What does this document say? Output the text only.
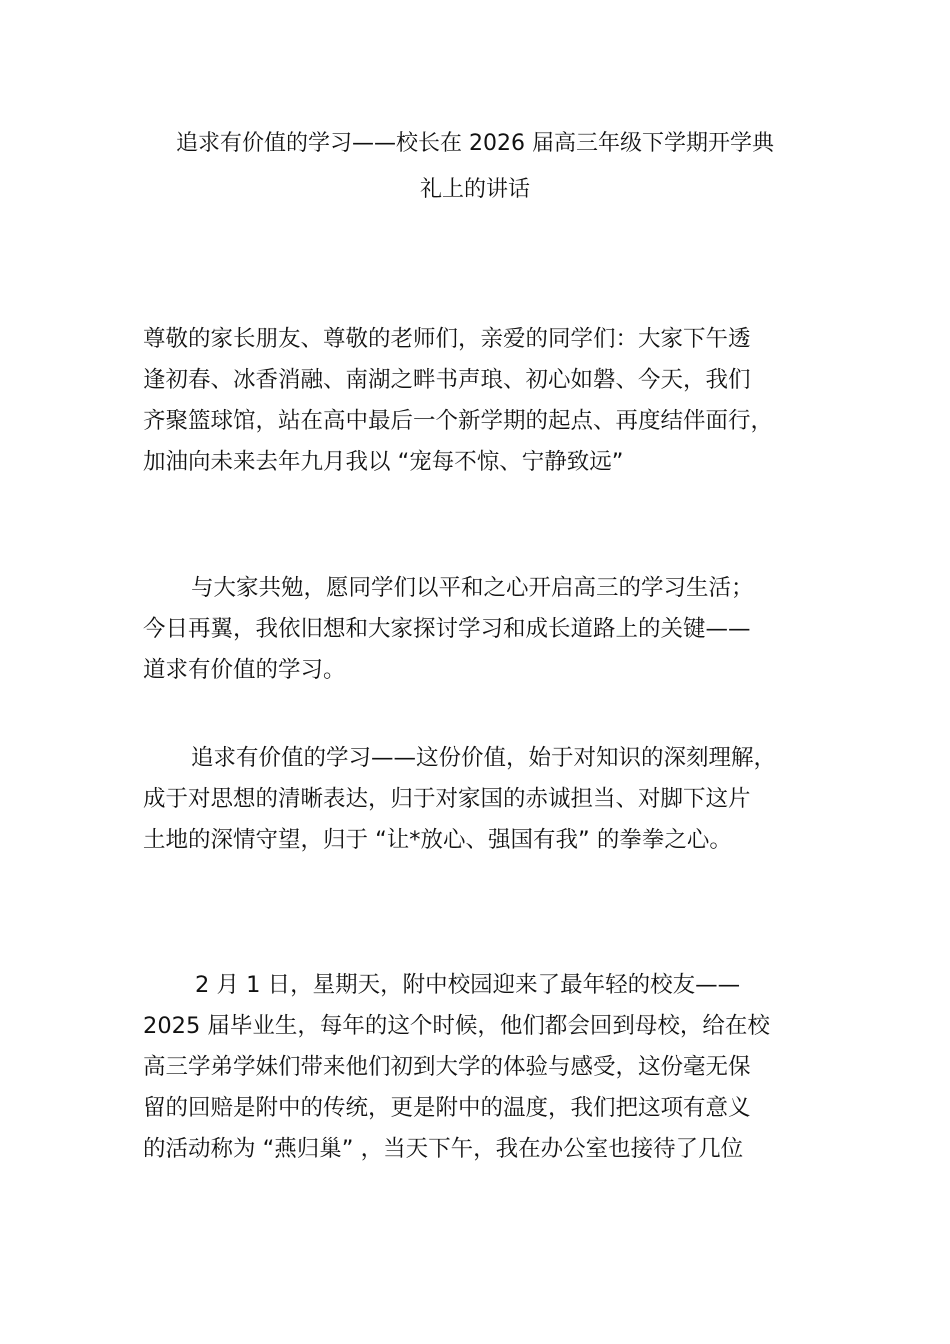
追求有价值的学习——校长在 2026 届高三年级下学期开学典
礼上的讲话
尊敬的家长朋友、尊敬的老师们，亲爱的同学们：大家下午透
逢初春、冰香消融、南湖之畔书声琅、初心如磐、今天，我们
齐聚篮球馆，站在高中最后一个新学期的起点、再度结伴面行，
加油向未来去年九月我以 “宠每不惊、宁静致远”
与大家共勉，愿同学们以平和之心开启高三的学习生活；
今日再翼，我依旧想和大家探讨学习和成长道路上的关键——
道求有价值的学习。
追求有价值的学习——这份价值，始于对知识的深刻理解，
成于对思想的清晰表达，归于对家国的赤诚担当、对脚下这片
土地的深情守望，归于 “让*放心、强国有我” 的拳拳之心。
2 月 1 日，星期天，附中校园迎来了最年轻的校友——
2025 届毕业生，每年的这个时候，他们都会回到母校，给在校
高三学弟学妹们带来他们初到大学的体验与感受，这份毫无保
留的回赔是附中的传统，更是附中的温度，我们把这项有意义
的活动称为 “燕归巢” ，当天下午，我在办公室也接待了几位
